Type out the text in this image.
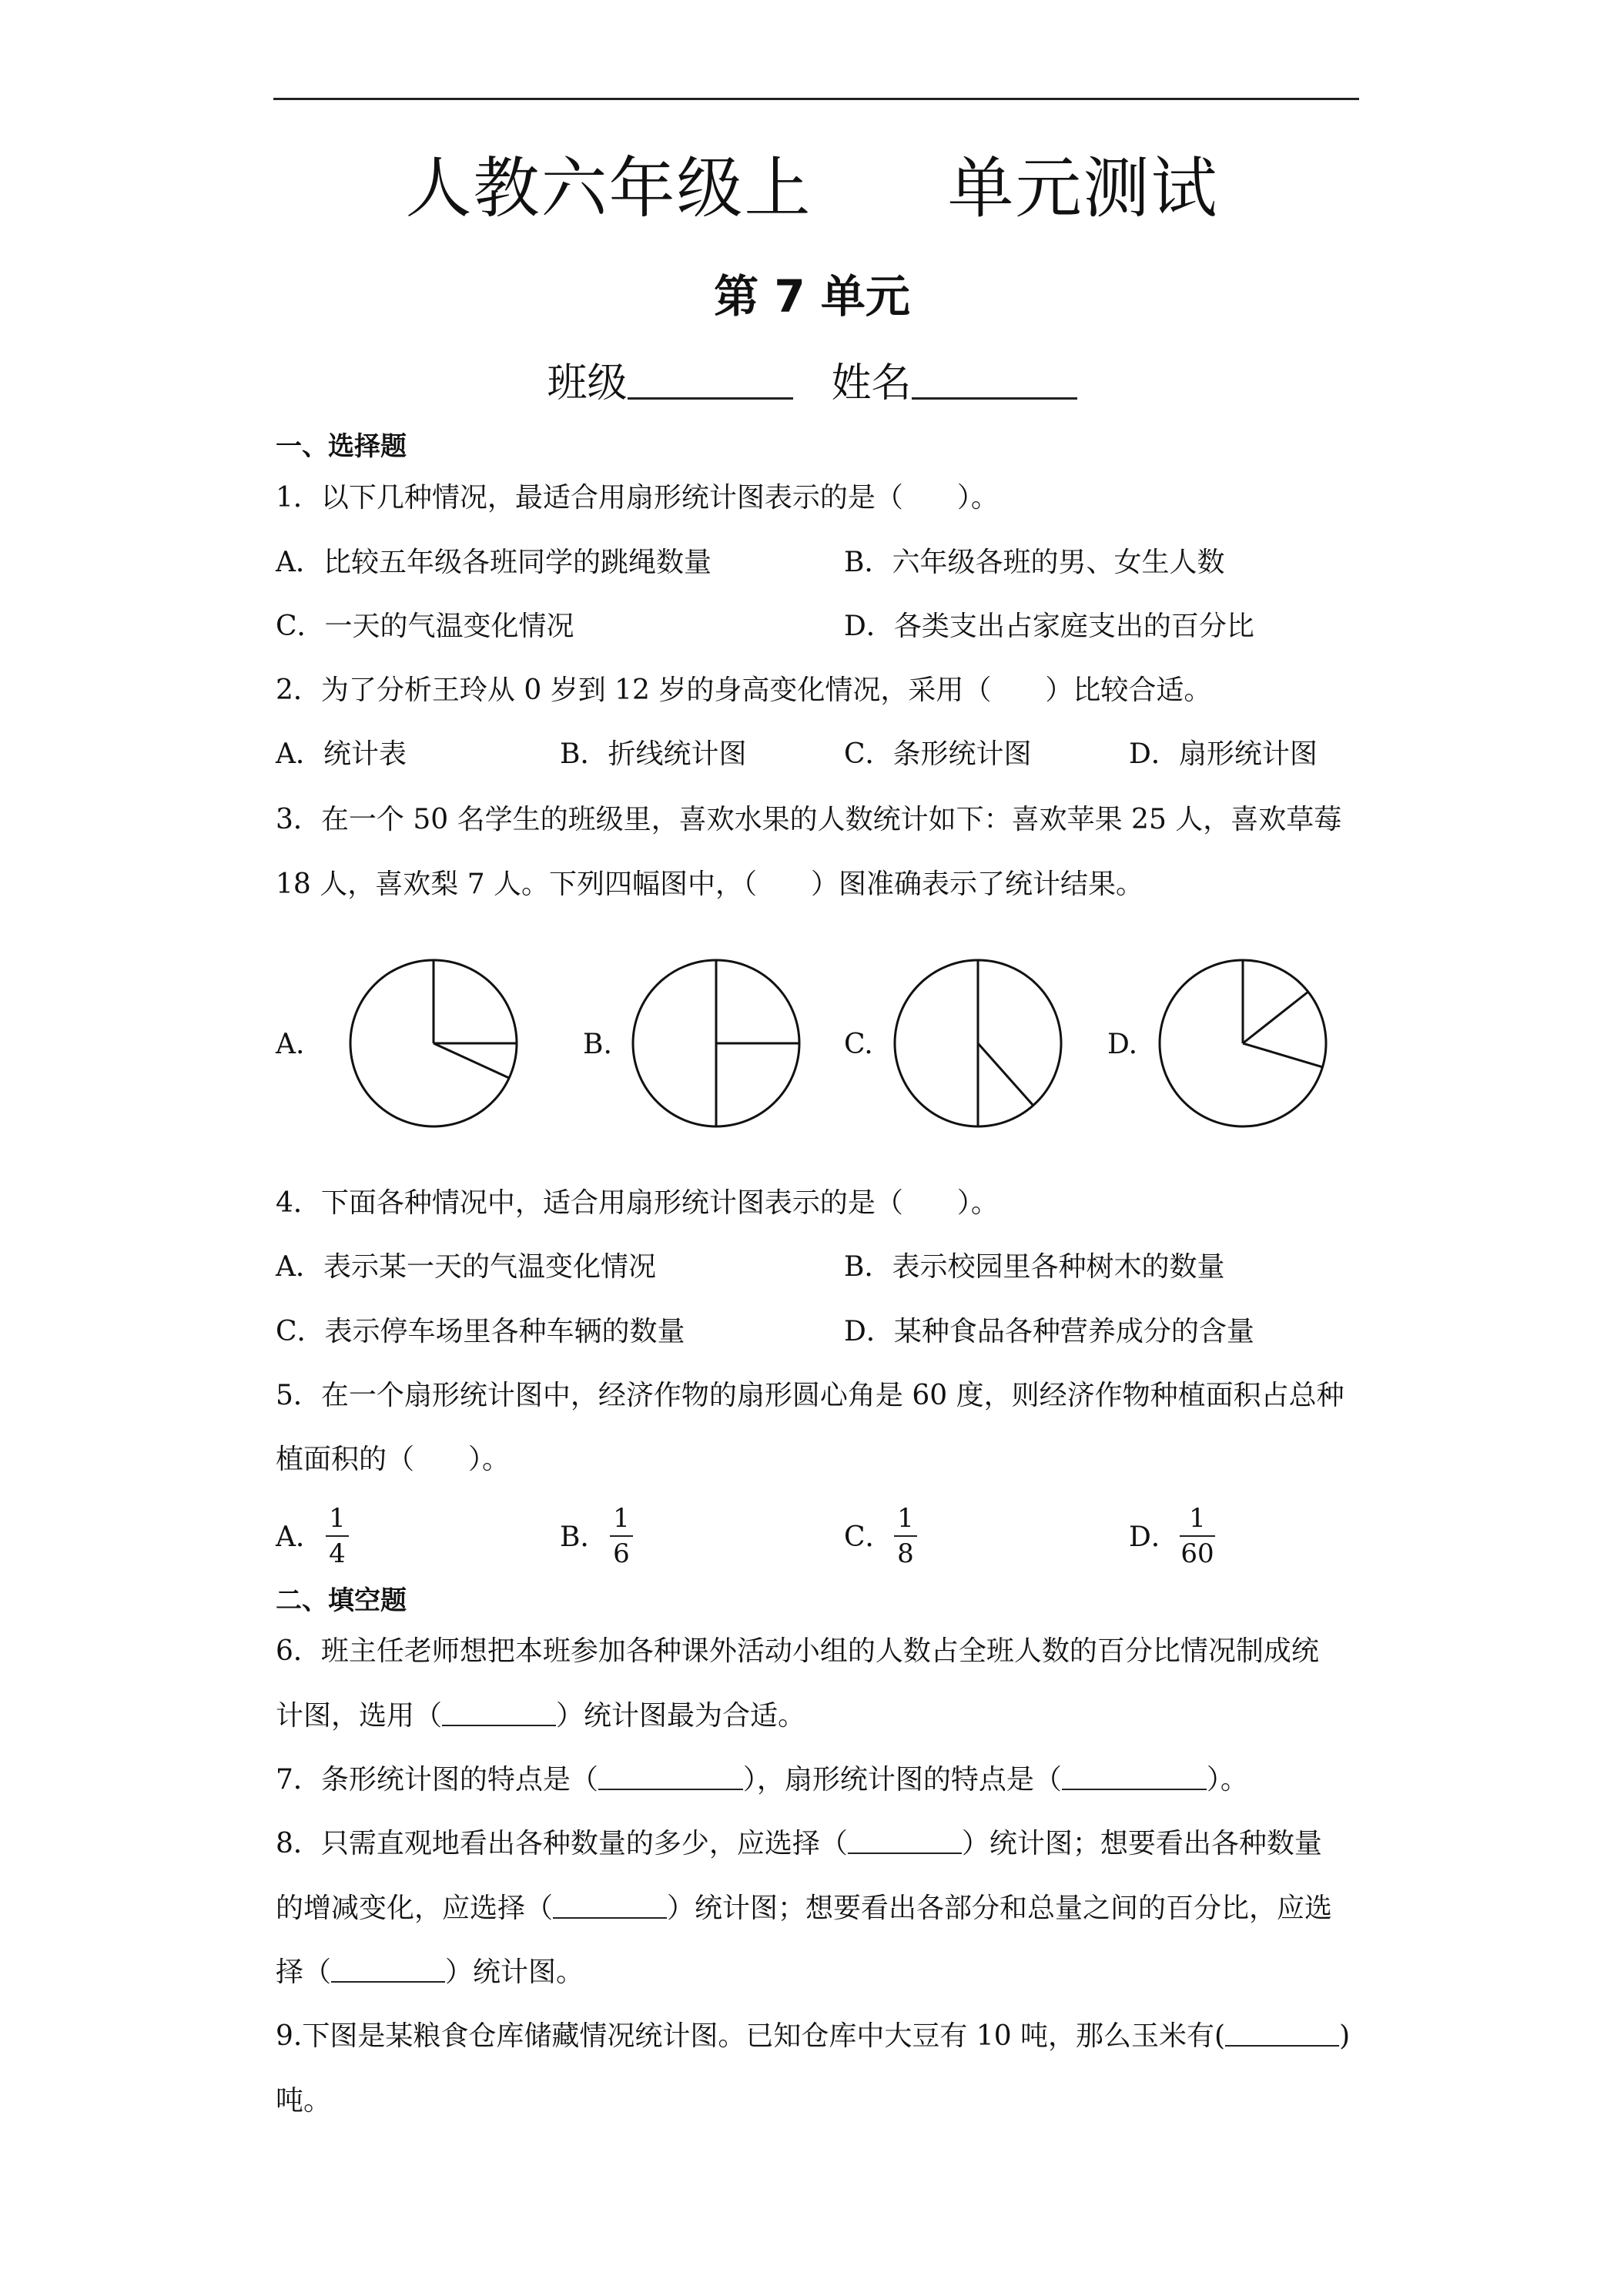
人教六年级上 单元测试
第 7 单元
班级	姓名
一、选择题
1．以下几种情况，最适合用扇形统计图表示的是（ ）。
A．比较五年级各班同学的跳绳数量	B．六年级各班的男、女生人数
C．一天的气温变化情况	D．各类支出占家庭支出的百分比
2．为了分析王玲从 0 岁到 12 岁的身高变化情况，采用（ ）比较合适。
A．统计表	B．折线统计图	C．条形统计图	D．扇形统计图
3．在一个 50 名学生的班级里，喜欢水果的人数统计如下：喜欢苹果 25 人，喜欢草莓
18 人，喜欢梨 7 人。下列四幅图中，（ ）图准确表示了统计结果。
A.	B.	C.	D.
4．下面各种情况中，适合用扇形统计图表示的是（ ）。
A．表示某一天的气温变化情况	B．表示校园里各种树木的数量
C．表示停车场里各种车辆的数量	D．某种食品各种营养成分的含量
5．在一个扇形统计图中，经济作物的扇形圆心角是 60 度，则经济作物种植面积占总种
植面积的（ ）。
A．
1
4
B．
1
6
C．
1
8
D．
1
60
二、填空题
6．班主任老师想把本班参加各种课外活动小组的人数占全班人数的百分比情况制成统
计图，选用（	）统计图最为合适。
7．条形统计图的特点是（	），扇形统计图的特点是（	）。
8．只需直观地看出各种数量的多少，应选择（	）统计图；想要看出各种数量
的增减变化，应选择（	）统计图；想要看出各部分和总量之间的百分比，应选
择（	）统计图。
9.下图是某粮食仓库储藏情况统计图。已知仓库中大豆有 10 吨，那么玉米有(	)
吨。
